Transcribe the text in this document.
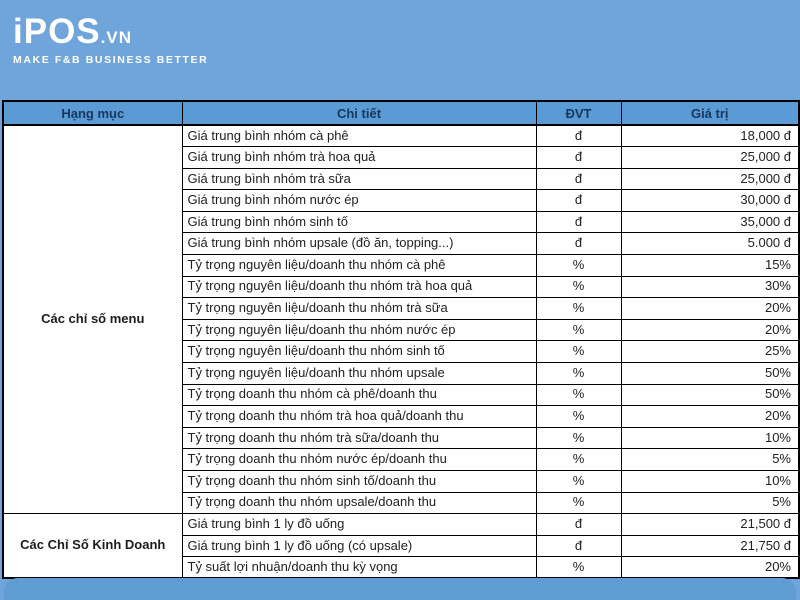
iPOS.VN
MAKE F&B BUSINESS BETTER
Hạng mục	Chi tiết	ĐVT	Giá trị
Các chỉ số menu	Giá trung bình nhóm cà phê	đ	18,000 đ
	Giá trung bình nhóm trà hoa quả	đ	25,000 đ
	Giá trung bình nhóm trà sữa	đ	25,000 đ
	Giá trung bình nhóm nước ép	đ	30,000 đ
	Giá trung bình nhóm sinh tố	đ	35,000 đ
	Giá trung bình nhóm upsale (đồ ăn, topping...)	đ	5.000 đ
	Tỷ trọng nguyên liệu/doanh thu nhóm cà phê	%	15%
	Tỷ trọng nguyên liệu/doanh thu nhóm trà hoa quả	%	30%
	Tỷ trọng nguyên liệu/doanh thu nhóm trà sữa	%	20%
	Tỷ trọng nguyên liệu/doanh thu nhóm nước ép	%	20%
	Tỷ trọng nguyên liệu/doanh thu nhóm sinh tố	%	25%
	Tỷ trọng nguyên liệu/doanh thu nhóm upsale	%	50%
	Tỷ trọng doanh thu nhóm cà phê/doanh thu	%	50%
	Tỷ trọng doanh thu nhóm trà hoa quả/doanh thu	%	20%
	Tỷ trọng doanh thu nhóm trà sữa/doanh thu	%	10%
	Tỷ trọng doanh thu nhóm nước ép/doanh thu	%	5%
	Tỷ trọng doanh thu nhóm sinh tố/doanh thu	%	10%
	Tỷ trọng doanh thu nhóm upsale/doanh thu	%	5%
Các Chỉ Số Kinh Doanh	Giá trung bình 1 ly đồ uống	đ	21,500 đ
	Giá trung bình 1 ly đồ uống (có upsale)	đ	21,750 đ
	Tỷ suất lợi nhuận/doanh thu kỳ vọng	%	20%
